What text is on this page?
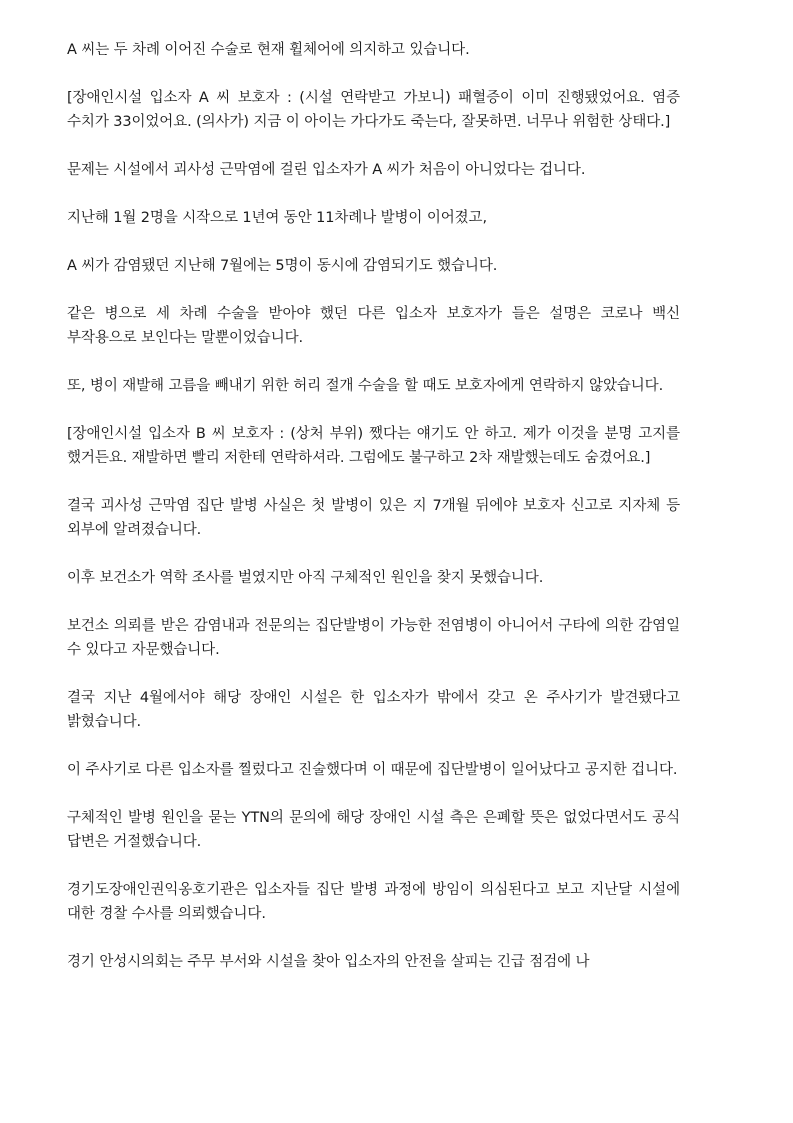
A 씨는 두 차례 이어진 수술로 현재 휠체어에 의지하고 있습니다.

[장애인시설 입소자 A 씨 보호자 : (시설 연락받고 가보니) 패혈증이 이미 진행됐었어요. 염증 수치가 33이었어요. (의사가) 지금 이 아이는 가다가도 죽는다, 잘못하면. 너무나 위험한 상태다.]

문제는 시설에서 괴사성 근막염에 걸린 입소자가 A 씨가 처음이 아니었다는 겁니다.

지난해 1월 2명을 시작으로 1년여 동안 11차례나 발병이 이어졌고,

A 씨가 감염됐던 지난해 7월에는 5명이 동시에 감염되기도 했습니다.

같은 병으로 세 차례 수술을 받아야 했던 다른 입소자 보호자가 들은 설명은 코로나 백신 부작용으로 보인다는 말뿐이었습니다.

또, 병이 재발해 고름을 빼내기 위한 허리 절개 수술을 할 때도 보호자에게 연락하지 않았습니다.

[장애인시설 입소자 B 씨 보호자 : (상처 부위) 쨌다는 얘기도 안 하고. 제가 이것을 분명 고지를 했거든요. 재발하면 빨리 저한테 연락하셔라. 그럼에도 불구하고 2차 재발했는데도 숨겼어요.]

결국 괴사성 근막염 집단 발병 사실은 첫 발병이 있은 지 7개월 뒤에야 보호자 신고로 지자체 등 외부에 알려졌습니다.

이후 보건소가 역학 조사를 벌였지만 아직 구체적인 원인을 찾지 못했습니다.

보건소 의뢰를 받은 감염내과 전문의는 집단발병이 가능한 전염병이 아니어서 구타에 의한 감염일 수 있다고 자문했습니다.

결국 지난 4월에서야 해당 장애인 시설은 한 입소자가 밖에서 갖고 온 주사기가 발견됐다고 밝혔습니다.

이 주사기로 다른 입소자를 찔렀다고 진술했다며 이 때문에 집단발병이 일어났다고 공지한 겁니다.

구체적인 발병 원인을 묻는 YTN의 문의에 해당 장애인 시설 측은 은폐할 뜻은 없었다면서도 공식 답변은 거절했습니다.

경기도장애인권익옹호기관은 입소자들 집단 발병 과정에 방임이 의심된다고 보고 지난달 시설에 대한 경찰 수사를 의뢰했습니다.

경기 안성시의회는 주무 부서와 시설을 찾아 입소자의 안전을 살피는 긴급 점검에 나
